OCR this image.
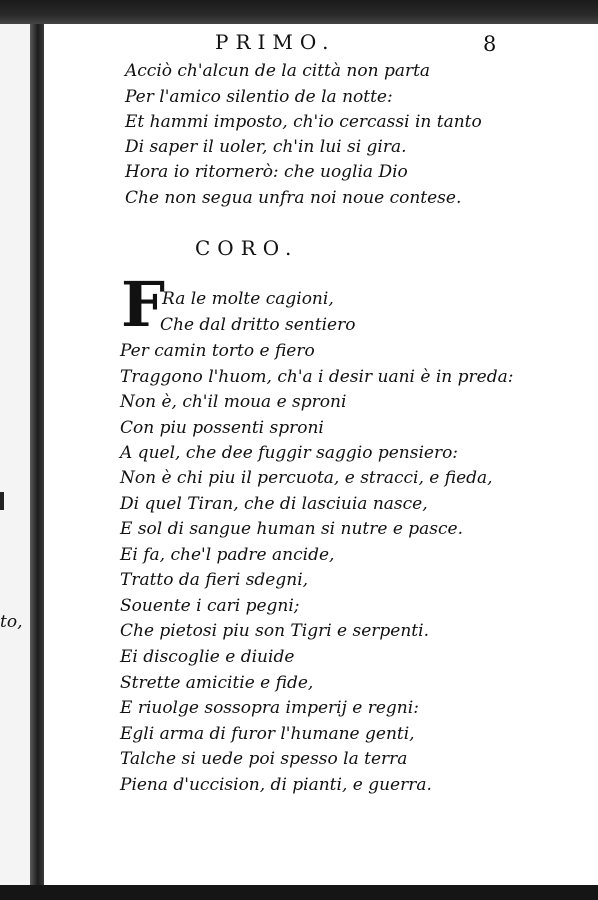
to,
PRIMO.	8
Acciò ch'alcun de la città non parta
Per l'amico silentio de la notte:
Et hammi imposto, ch'io cercassi in tanto
Di saper il uoler, ch'in lui si gira.
Hora io ritornerò: che uoglia Dio
Che non segua unfra noi noue contese.
CORO.
F
Ra le molte cagioni,
Che dal dritto sentiero
Per camin torto e fiero
Traggono l'huom, ch'a i desir uani è in preda:
Non è, ch'il moua e sproni
Con piu possenti sproni
A quel, che dee fuggir saggio pensiero:
Non è chi piu il percuota, e stracci, e fieda,
Di quel Tiran, che di lasciuia nasce,
E sol di sangue human si nutre e pasce.
Ei fa, che'l padre ancide,
Tratto da fieri sdegni,
Souente i cari pegni;
Che pietosi piu son Tigri e serpenti.
Ei discoglie e diuide
Strette amicitie e fide,
E riuolge sossopra imperij e regni:
Egli arma di furor l'humane genti,
Talche si uede poi spesso la terra
Piena d'uccision, di pianti, e guerra.
